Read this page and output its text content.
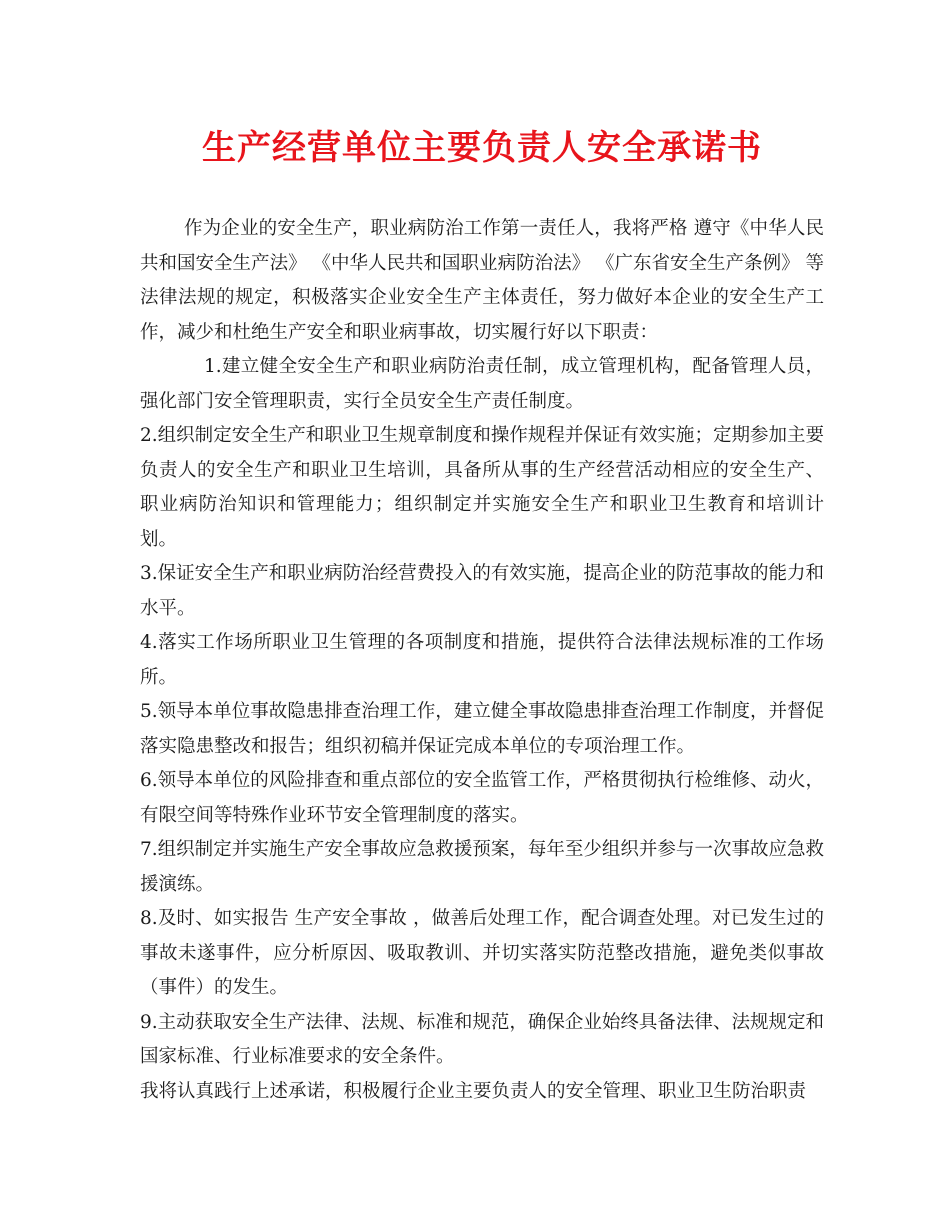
生产经营单位主要负责人安全承诺书

作为企业的安全生产，职业病防治工作第一责任人，我将严格 遵守《中华人民共和国安全生产法》 《中华人民共和国职业病防治法》 《广东省安全生产条例》 等法律法规的规定，积极落实企业安全生产主体责任，努力做好本企业的安全生产工作，减少和杜绝生产安全和职业病事故，切实履行好以下职责：

1.建立健全安全生产和职业病防治责任制，成立管理机构，配备管理人员，强化部门安全管理职责，实行全员安全生产责任制度。

2.组织制定安全生产和职业卫生规章制度和操作规程并保证有效实施；定期参加主要负责人的安全生产和职业卫生培训，具备所从事的生产经营活动相应的安全生产、职业病防治知识和管理能力；组织制定并实施安全生产和职业卫生教育和培训计划。

3.保证安全生产和职业病防治经营费投入的有效实施，提高企业的防范事故的能力和水平。

4.落实工作场所职业卫生管理的各项制度和措施，提供符合法律法规标准的工作场所。

5.领导本单位事故隐患排查治理工作，建立健全事故隐患排查治理工作制度，并督促落实隐患整改和报告；组织初稿并保证完成本单位的专项治理工作。

6.领导本单位的风险排查和重点部位的安全监管工作，严格贯彻执行检维修、动火，有限空间等特殊作业环节安全管理制度的落实。

7.组织制定并实施生产安全事故应急救援预案，每年至少组织并参与一次事故应急救援演练。

8.及时、如实报告 生产安全事故 ，做善后处理工作，配合调查处理。对已发生过的事故未遂事件，应分析原因、吸取教训、并切实落实防范整改措施，避免类似事故（事件）的发生。

9.主动获取安全生产法律、法规、标准和规范，确保企业始终具备法律、法规规定和国家标准、行业标准要求的安全条件。

我将认真践行上述承诺，积极履行企业主要负责人的安全管理、职业卫生防治职责
